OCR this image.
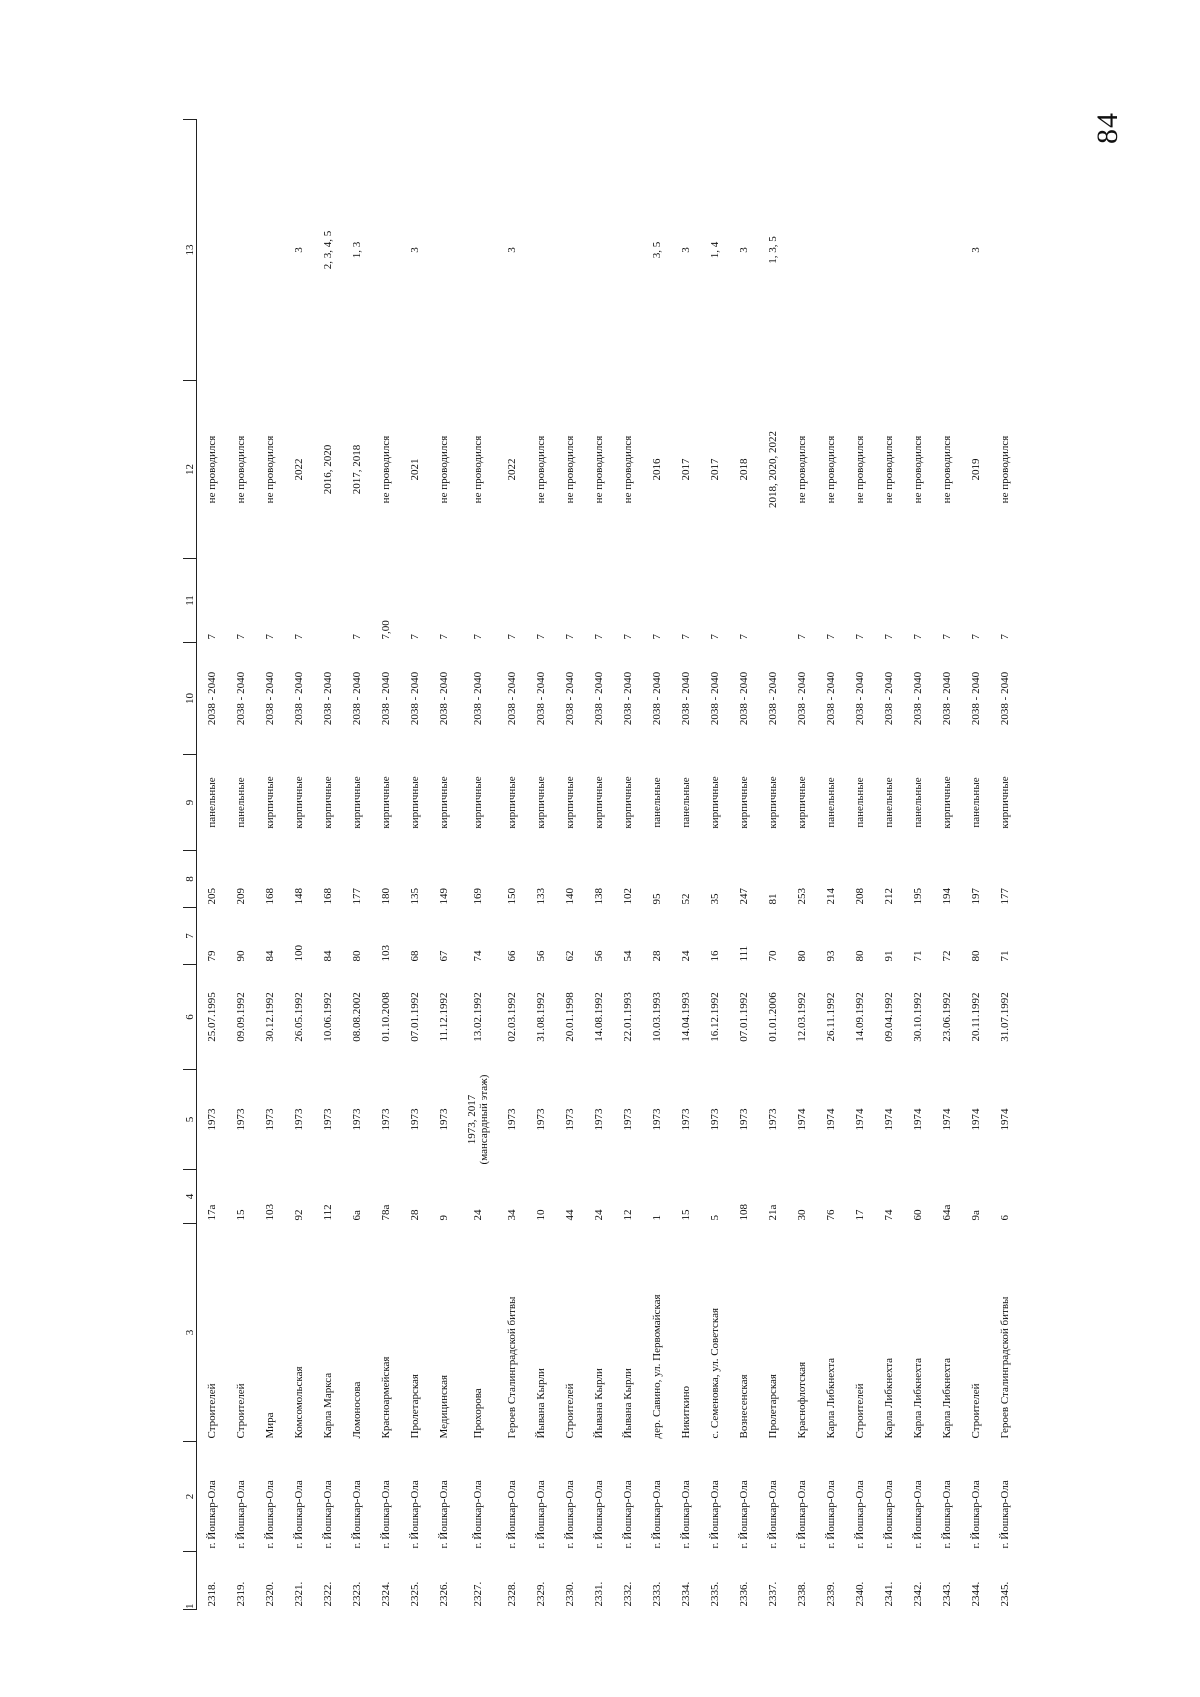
84
1	2	3	4	5	6	7	8	9	10	11	12	13
2318.	г. Йошкар-Ола	Строителей	17а	1973	25.07.1995	79	205	панельные	2038 - 2040	7	не проводился	
2319.	г. Йошкар-Ола	Строителей	15	1973	09.09.1992	90	209	панельные	2038 - 2040	7	не проводился	
2320.	г. Йошкар-Ола	Мира	103	1973	30.12.1992	84	168	кирпичные	2038 - 2040	7	не проводился	
2321.	г. Йошкар-Ола	Комсомольская	92	1973	26.05.1992	100	148	кирпичные	2038 - 2040	7	2022	3
2322.	г. Йошкар-Ола	Карла Маркса	112	1973	10.06.1992	84	168	кирпичные	2038 - 2040		2016, 2020	2, 3, 4, 5
2323.	г. Йошкар-Ола	Ломоносова	6а	1973	08.08.2002	80	177	кирпичные	2038 - 2040	7	2017, 2018	1, 3
2324.	г. Йошкар-Ола	Красноармейская	78а	1973	01.10.2008	103	180	кирпичные	2038 - 2040	7,00	не проводился	
2325.	г. Йошкар-Ола	Пролетарская	28	1973	07.01.1992	68	135	кирпичные	2038 - 2040	7	2021	3
2326.	г. Йошкар-Ола	Медицинская	9	1973	11.12.1992	67	149	кирпичные	2038 - 2040	7	не проводился	
2327.	г. Йошкар-Ола	Прохорова	24	1973, 2017 (мансардный этаж)	13.02.1992	74	169	кирпичные	2038 - 2040	7	не проводился	
2328.	г. Йошкар-Ола	Героев Сталинградской битвы	34	1973	02.03.1992	66	150	кирпичные	2038 - 2040	7	2022	3
2329.	г. Йошкар-Ола	Йывана Кырли	10	1973	31.08.1992	56	133	кирпичные	2038 - 2040	7	не проводился	
2330.	г. Йошкар-Ола	Строителей	44	1973	20.01.1998	62	140	кирпичные	2038 - 2040	7	не проводился	
2331.	г. Йошкар-Ола	Йывана Кырли	24	1973	14.08.1992	56	138	кирпичные	2038 - 2040	7	не проводился	
2332.	г. Йошкар-Ола	Йывана Кырли	12	1973	22.01.1993	54	102	кирпичные	2038 - 2040	7	не проводился	
2333.	г. Йошкар-Ола	дер. Савино, ул. Первомайская	1	1973	10.03.1993	28	95	панельные	2038 - 2040	7	2016	3, 5
2334.	г. Йошкар-Ола	Никиткино	15	1973	14.04.1993	24	52	панельные	2038 - 2040	7	2017	3
2335.	г. Йошкар-Ола	с. Семеновка, ул. Советская	5	1973	16.12.1992	16	35	кирпичные	2038 - 2040	7	2017	1, 4
2336.	г. Йошкар-Ола	Вознесенская	108	1973	07.01.1992	111	247	кирпичные	2038 - 2040	7	2018	3
2337.	г. Йошкар-Ола	Пролетарская	21а	1973	01.01.2006	70	81	кирпичные	2038 - 2040		2018, 2020, 2022	1, 3, 5
2338.	г. Йошкар-Ола	Краснофлотская	30	1974	12.03.1992	80	253	кирпичные	2038 - 2040	7	не проводился	
2339.	г. Йошкар-Ола	Карла Либкнехта	76	1974	26.11.1992	93	214	панельные	2038 - 2040	7	не проводился	
2340.	г. Йошкар-Ола	Строителей	17	1974	14.09.1992	80	208	панельные	2038 - 2040	7	не проводился	
2341.	г. Йошкар-Ола	Карла Либкнехта	74	1974	09.04.1992	91	212	панельные	2038 - 2040	7	не проводился	
2342.	г. Йошкар-Ола	Карла Либкнехта	60	1974	30.10.1992	71	195	панельные	2038 - 2040	7	не проводился	
2343.	г. Йошкар-Ола	Карла Либкнехта	64а	1974	23.06.1992	72	194	кирпичные	2038 - 2040	7	не проводился	
2344.	г. Йошкар-Ола	Строителей	9а	1974	20.11.1992	80	197	панельные	2038 - 2040	7	2019	3
2345.	г. Йошкар-Ола	Героев Сталинградской битвы	6	1974	31.07.1992	71	177	кирпичные	2038 - 2040	7	не проводился	
